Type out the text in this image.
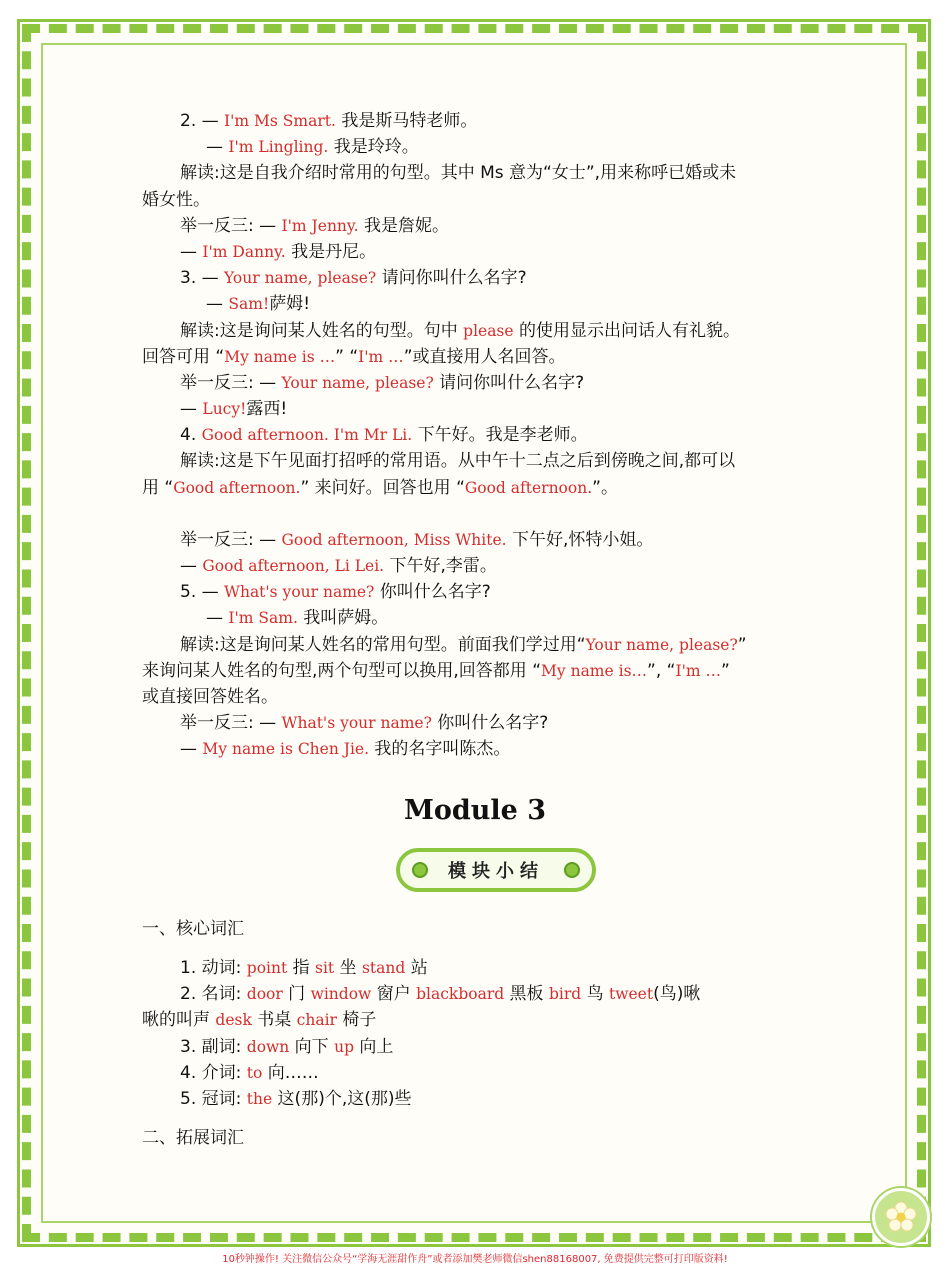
2. — I'm Ms Smart. 我是斯马特老师。
— I'm Lingling. 我是玲玲。
解读:这是自我介绍时常用的句型。其中 Ms 意为“女士”,用来称呼已婚或未
婚女性。
举一反三: — I'm Jenny. 我是詹妮。
— I'm Danny. 我是丹尼。
3. — Your name, please? 请问你叫什么名字?
— Sam!萨姆!
解读:这是询问某人姓名的句型。句中 please 的使用显示出问话人有礼貌。
回答可用 “My name is …” “I'm …”或直接用人名回答。
举一反三: — Your name, please? 请问你叫什么名字?
— Lucy!露西!
4. Good afternoon. I'm Mr Li. 下午好。我是李老师。
解读:这是下午见面打招呼的常用语。从中午十二点之后到傍晚之间,都可以
用 “Good afternoon.” 来问好。回答也用 “Good afternoon.”。
举一反三: — Good afternoon, Miss White. 下午好,怀特小姐。
— Good afternoon, Li Lei. 下午好,李雷。
5. — What's your name? 你叫什么名字?
— I'm Sam. 我叫萨姆。
解读:这是询问某人姓名的常用句型。前面我们学过用“Your name, please?”
来询问某人姓名的句型,两个句型可以换用,回答都用 “My name is…”, “I'm …”
或直接回答姓名。
举一反三: — What's your name? 你叫什么名字?
— My name is Chen Jie. 我的名字叫陈杰。
Module 3
模块小结
一、核心词汇
1. 动词: point 指 sit 坐 stand 站
2. 名词: door 门 window 窗户 blackboard 黑板 bird 鸟 tweet(鸟)啾
啾的叫声 desk 书桌 chair 椅子
3. 副词: down 向下 up 向上
4. 介词: to 向……
5. 冠词: the 这(那)个,这(那)些
二、拓展词汇
10秒钟操作! 关注微信公众号“学海无涯甜作舟”或者添加樊老师微信shen88168007, 免费提供完整可打印版资料!
